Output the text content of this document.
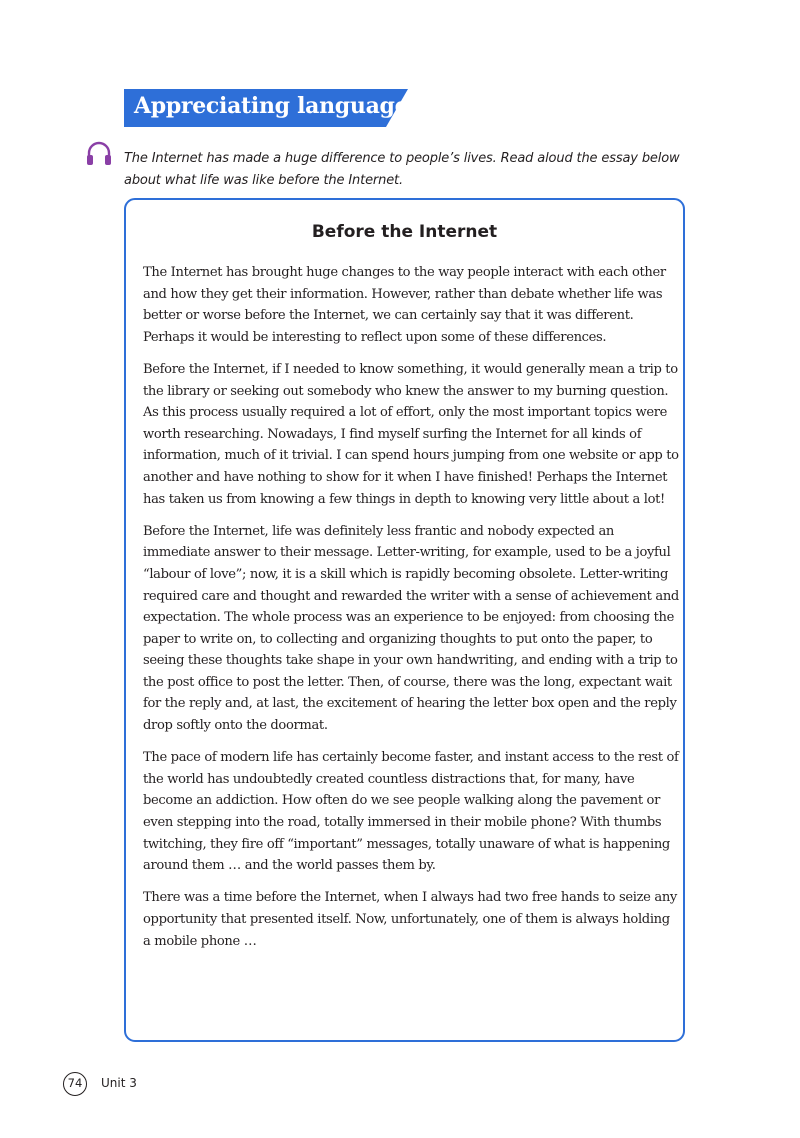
Appreciating language
The Internet has made a huge difference to people’s lives. Read aloud the essay below about what life was like before the Internet.
Before the Internet

The Internet has brought huge changes to the way people interact with each other and how they get their information. However, rather than debate whether life was better or worse before the Internet, we can certainly say that it was different. Perhaps it would be interesting to reflect upon some of these differences.

Before the Internet, if I needed to know something, it would generally mean a trip to the library or seeking out somebody who knew the answer to my burning question. As this process usually required a lot of effort, only the most important topics were worth researching. Nowadays, I find myself surfing the Internet for all kinds of information, much of it trivial. I can spend hours jumping from one website or app to another and have nothing to show for it when I have finished! Perhaps the Internet has taken us from knowing a few things in depth to knowing very little about a lot!

Before the Internet, life was definitely less frantic and nobody expected an immediate answer to their message. Letter-writing, for example, used to be a joyful “labour of love”; now, it is a skill which is rapidly becoming obsolete. Letter-writing required care and thought and rewarded the writer with a sense of achievement and expectation. The whole process was an experience to be enjoyed: from choosing the paper to write on, to collecting and organizing thoughts to put onto the paper, to seeing these thoughts take shape in your own handwriting, and ending with a trip to the post office to post the letter. Then, of course, there was the long, expectant wait for the reply and, at last, the excitement of hearing the letter box open and the reply drop softly onto the doormat.

The pace of modern life has certainly become faster, and instant access to the rest of the world has undoubtedly created countless distractions that, for many, have become an addiction. How often do we see people walking along the pavement or even stepping into the road, totally immersed in their mobile phone? With thumbs twitching, they fire off “important” messages, totally unaware of what is happening around them … and the world passes them by.

There was a time before the Internet, when I always had two free hands to seize any opportunity that presented itself. Now, unfortunately, one of them is always holding a mobile phone …

74	Unit 3
